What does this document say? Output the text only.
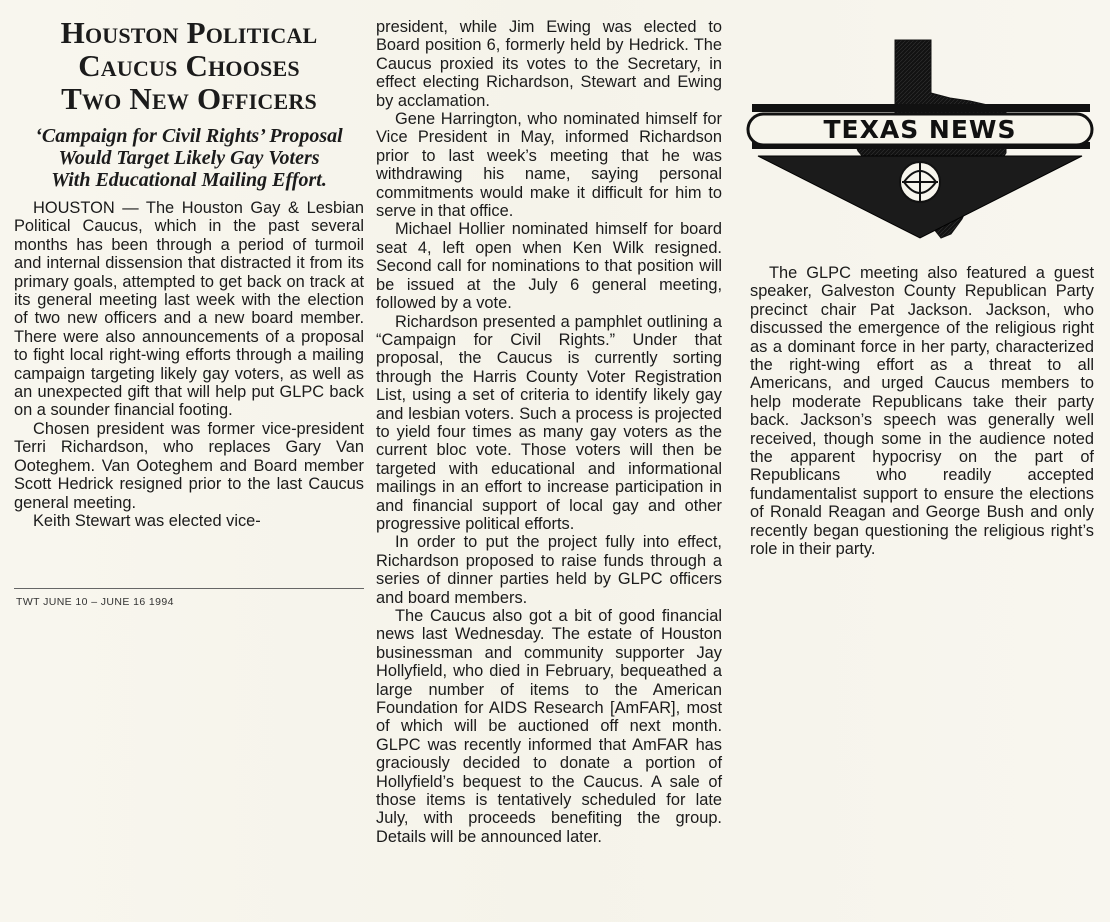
Houston Political
Caucus Chooses
Two New Officers
‘Campaign for Civil Rights’ Proposal
Would Target Likely Gay Voters
With Educational Mailing Effort.

HOUSTON — The Houston Gay & Lesbian Political Caucus, which in the past several months has been through a period of turmoil and internal dissension that distracted it from its primary goals, attempted to get back on track at its general meeting last week with the election of two new officers and a new board member. There were also announcements of a proposal to fight local right-wing efforts through a mailing campaign targeting likely gay voters, as well as an unexpected gift that will help put GLPC back on a sounder financial footing.

Chosen president was former vice-president Terri Richardson, who replaces Gary Van Ooteghem. Van Ooteghem and Board member Scott Hedrick resigned prior to the last Caucus general meeting.

Keith Stewart was elected vice-

TWT JUNE 10 – JUNE 16 1994

president, while Jim Ewing was elected to Board position 6, formerly held by Hedrick. The Caucus proxied its votes to the Secretary, in effect electing Richardson, Stewart and Ewing by acclamation.

Gene Harrington, who nominated himself for Vice President in May, informed Richardson prior to last week’s meeting that he was withdrawing his name, saying personal commitments would make it difficult for him to serve in that office.

Michael Hollier nominated himself for board seat 4, left open when Ken Wilk resigned. Second call for nominations to that position will be issued at the July 6 general meeting, followed by a vote.

Richardson presented a pamphlet outlining a “Campaign for Civil Rights.” Under that proposal, the Caucus is currently sorting through the Harris County Voter Registration List, using a set of criteria to identify likely gay and lesbian voters. Such a process is projected to yield four times as many gay voters as the current bloc vote. Those voters will then be targeted with educational and informational mailings in an effort to increase participation in and financial support of local gay and other progressive political efforts.

In order to put the project fully into effect, Richardson proposed to raise funds through a series of dinner parties held by GLPC officers and board members.

The Caucus also got a bit of good financial news last Wednesday. The estate of Houston businessman and community supporter Jay Hollyfield, who died in February, bequeathed a large number of items to the American Foundation for AIDS Research [AmFAR], most of which will be auctioned off next month. GLPC was recently informed that AmFAR has graciously decided to donate a portion of Hollyfield’s bequest to the Caucus. A sale of those items is tentatively scheduled for late July, with proceeds benefiting the group. Details will be announced later.

TEXAS NEWS

The GLPC meeting also featured a guest speaker, Galveston County Republican Party precinct chair Pat Jackson. Jackson, who discussed the emergence of the religious right as a dominant force in her party, characterized the right-wing effort as a threat to all Americans, and urged Caucus members to help moderate Republicans take their party back. Jackson’s speech was generally well received, though some in the audience noted the apparent hypocrisy on the part of Republicans who readily accepted fundamentalist support to ensure the elections of Ronald Reagan and George Bush and only recently began questioning the religious right’s role in their party.
